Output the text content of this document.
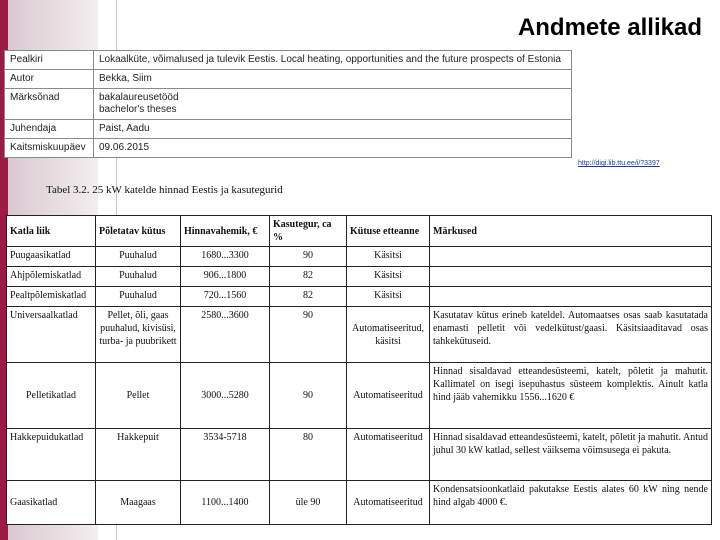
Andmete allikad
Pealkiri	Lokaalküte, võimalused ja tulevik Eestis. Local heating, opportunities and the future prospects of Estonia
Autor	Bekka, Siim
Märksõnad	bakalaureusetööd
bachelor's theses
Juhendaja	Paist, Aadu
Kaitsmiskuupäev	09.06.2015
http://digi.lib.ttu.ee/i/?3397
Tabel 3.2. 25 kW katelde hinnad Eestis ja kasutegurid
Katla liik	Põletatav kütus	Hinnavahemik, €	Kasutegur, ca %	Kütuse etteanne	Märkused
Puugaasikatlad	Puuhalud	1680...3300	90	Käsitsi	
Ahjpõlemiskatlad	Puuhalud	906...1800	82	Käsitsi	
Pealtpõlemiskatlad	Puuhalud	720...1560	82	Käsitsi	
Universaalkatlad	Pellet, õli, gaas puuhalud, kivisüsi, turba- ja puubrikett	2580...3600	90	Automatiseeritud, käsitsi	Kasutatav kütus erineb kateldel. Automaatses osas saab kasutatada enamasti pelletit või vedelkütust/gaasi. Käsitsiaaditavad osas tahkekütuseid.
Pelletikatlad	Pellet	3000...5280	90	Automatiseeritud	Hinnad sisaldavad etteandesüsteemi, katelt, põletit ja mahutit. Kallimatel on isegi isepuhastus süsteem komplektis. Ainult katla hind jääb vahemikku 1556...1620 €
Hakkepuidukatlad	Hakkepuit	3534-5718	80	Automatiseeritud	Hinnad sisaldavad etteandesüsteemi, katelt, põletit ja mahutit. Antud juhul 30 kW katlad, sellest väiksema võimsusega ei pakuta.
Gaasikatlad	Maagaas	1100...1400	üle 90	Automatiseeritud	Kondensatsioonkatlaid pakutakse Eestis alates 60 kW ning nende hind algab 4000 €.
